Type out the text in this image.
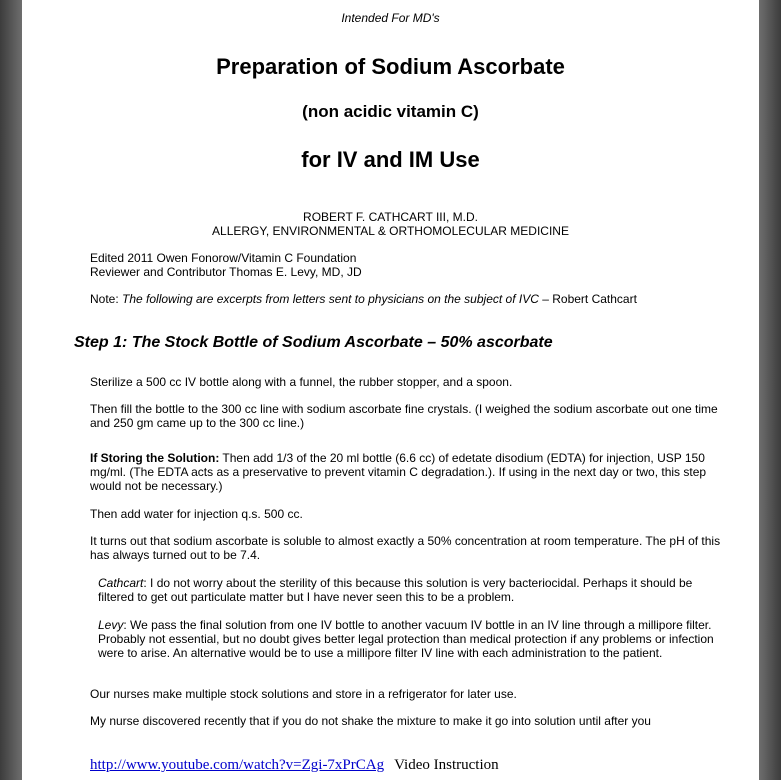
Intended For MD's

Preparation of Sodium Ascorbate
(non acidic vitamin C)
for IV and IM Use
ROBERT F. CATHCART III, M.D.
ALLERGY, ENVIRONMENTAL & ORTHOMOLECULAR MEDICINE
Edited 2011 Owen Fonorow/Vitamin C Foundation
Reviewer and Contributor Thomas E. Levy, MD, JD

Note: The following are excerpts from letters sent to physicians on the subject of IVC – Robert Cathcart

Step 1: The Stock Bottle of Sodium Ascorbate – 50% ascorbate

Sterilize a 500 cc IV bottle along with a funnel, the rubber stopper, and a spoon.

Then fill the bottle to the 300 cc line with sodium ascorbate fine crystals. (I weighed the sodium ascorbate out one time and 250 gm came up to the 300 cc line.)

If Storing the Solution: Then add 1/3 of the 20 ml bottle (6.6 cc) of edetate disodium (EDTA) for injection, USP 150 mg/ml. (The EDTA acts as a preservative to prevent vitamin C degradation.). If using in the next day or two, this step would not be necessary.)

Then add water for injection q.s. 500 cc.

It turns out that sodium ascorbate is soluble to almost exactly a 50% concentration at room temperature. The pH of this has always turned out to be 7.4.

Cathcart: I do not worry about the sterility of this because this solution is very bacteriocidal. Perhaps it should be filtered to get out particulate matter but I have never seen this to be a problem.

Levy: We pass the final solution from one IV bottle to another vacuum IV bottle in an IV line through a millipore filter. Probably not essential, but no doubt gives better legal protection than medical protection if any problems or infection were to arise. An alternative would be to use a millipore filter IV line with each administration to the patient.

Our nurses make multiple stock solutions and store in a refrigerator for later use.

My nurse discovered recently that if you do not shake the mixture to make it go into solution until after you

http://www.youtube.com/watch?v=Zgi-7xPrCAg Video Instruction
